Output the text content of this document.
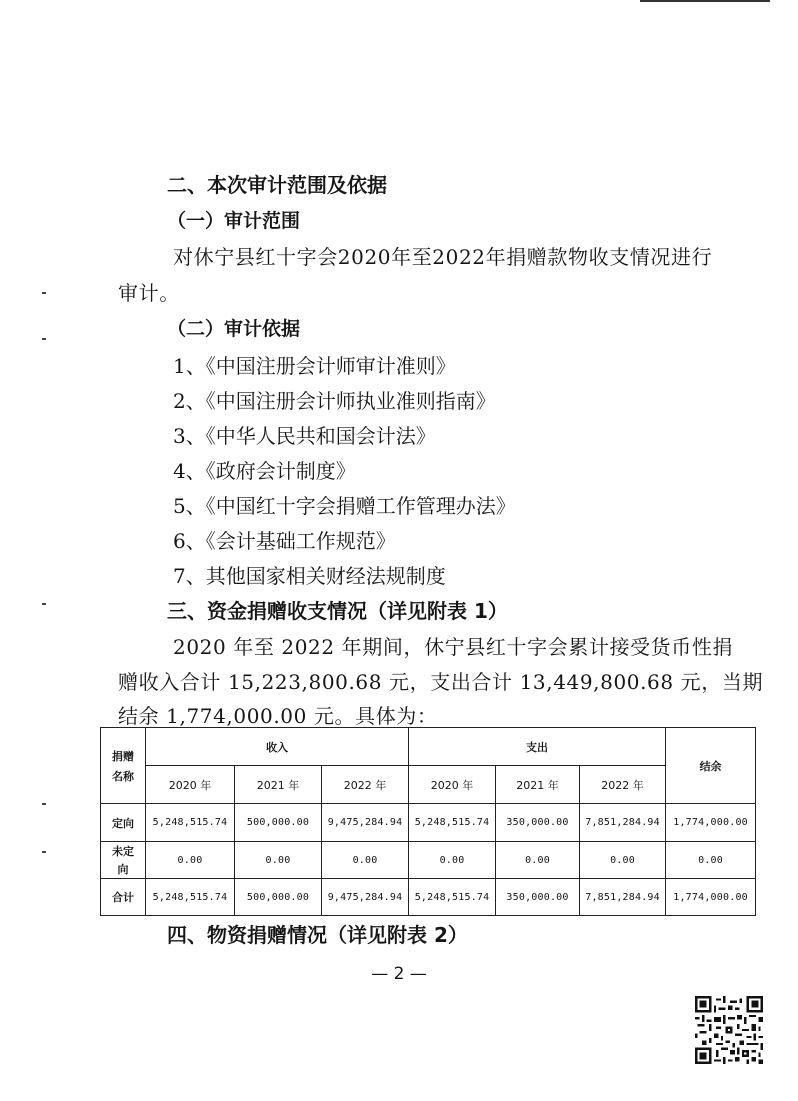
二、本次审计范围及依据
（一）审计范围
对休宁县红十字会2020年至2022年捐赠款物收支情况进行
审计。
（二）审计依据
1、《中国注册会计师审计准则》
2、《中国注册会计师执业准则指南》
3、《中华人民共和国会计法》
4、《政府会计制度》
5、《中国红十字会捐赠工作管理办法》
6、《会计基础工作规范》
7、其他国家相关财经法规制度
三、资金捐赠收支情况（详见附表 1）
2020 年至 2022 年期间，休宁县红十字会累计接受货币性捐
赠收入合计 15,223,800.68 元，支出合计 13,449,800.68 元，当期
结余 1,774,000.00 元。具体为：
捐赠
名称	收入			支出			结余
	2020 年	2021 年	2022 年	2020 年	2021 年	2022 年	
定向	5,248,515.74	500,000.00	9,475,284.94	5,248,515.74	350,000.00	7,851,284.94	1,774,000.00

未定
向	0.00	0.00	0.00	0.00	0.00	0.00	0.00
合计	5,248,515.74	500,000.00	9,475,284.94	5,248,515.74	350,000.00	7,851,284.94	1,774,000.00
四、物资捐赠情况（详见附表 2）
— 2 —
